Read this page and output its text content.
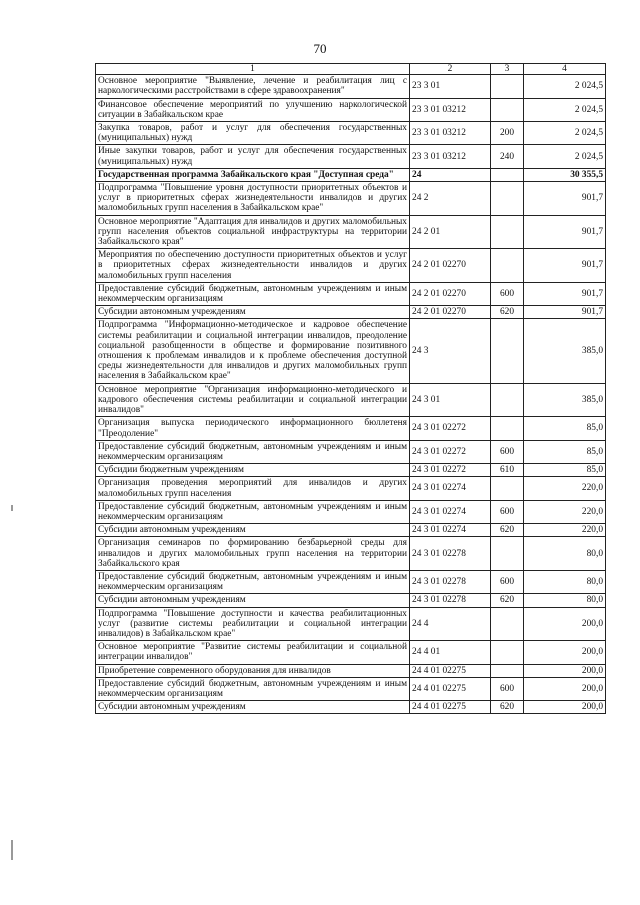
70
1	2	3	4
Основное мероприятие "Выявление, лечение и реабилитация лиц с наркологическими расстройствами в сфере здравоохранения"	23 3 01		2 024,5
Финансовое обеспечение мероприятий по улучшению наркологической ситуации в Забайкальском крае	23 3 01 03212		2 024,5
Закупка товаров, работ и услуг для обеспечения государственных (муниципальных) нужд	23 3 01 03212	200	2 024,5
Иные закупки товаров, работ и услуг для обеспечения государственных (муниципальных) нужд	23 3 01 03212	240	2 024,5
Государственная программа Забайкальского края "Доступная среда"	24		30 355,5
Подпрограмма "Повышение уровня доступности приоритетных объектов и услуг в приоритетных сферах жизнедеятельности инвалидов и других маломобильных групп населения в Забайкальском крае"	24 2		901,7
Основное мероприятие "Адаптация для инвалидов и других маломобильных групп населения объектов социальной инфраструктуры на территории Забайкальского края"	24 2 01		901,7
Мероприятия по обеспечению доступности приоритетных объектов и услуг в приоритетных сферах жизнедеятельности инвалидов и других маломобильных групп населения	24 2 01 02270		901,7
Предоставление субсидий бюджетным, автономным учреждениям и иным некоммерческим организациям	24 2 01 02270	600	901,7
Субсидии автономным учреждениям	24 2 01 02270	620	901,7
Подпрограмма "Информационно-методическое и кадровое обеспечение системы реабилитации и социальной интеграции инвалидов, преодоление социальной разобщенности в обществе и формирование позитивного отношения к проблемам инвалидов и к проблеме обеспечения доступной среды жизнедеятельности для инвалидов и других маломобильных групп населения в Забайкальском крае"	24 3		385,0
Основное мероприятие "Организация информационно-методического и кадрового обеспечения системы реабилитации и социальной интеграции инвалидов"	24 3 01		385,0
Организация выпуска периодического информационного бюллетеня "Преодоление"	24 3 01 02272		85,0
Предоставление субсидий бюджетным, автономным учреждениям и иным некоммерческим организациям	24 3 01 02272	600	85,0
Субсидии бюджетным учреждениям	24 3 01 02272	610	85,0
Организация проведения мероприятий для инвалидов и других маломобильных групп населения	24 3 01 02274		220,0
Предоставление субсидий бюджетным, автономным учреждениям и иным некоммерческим организациям	24 3 01 02274	600	220,0
Субсидии автономным учреждениям	24 3 01 02274	620	220,0
Организация семинаров по формированию безбарьерной среды для инвалидов и других маломобильных групп населения на территории Забайкальского края	24 3 01 02278		80,0
Предоставление субсидий бюджетным, автономным учреждениям и иным некоммерческим организациям	24 3 01 02278	600	80,0
Субсидии автономным учреждениям	24 3 01 02278	620	80,0
Подпрограмма "Повышение доступности и качества реабилитационных услуг (развитие системы реабилитации и социальной интеграции инвалидов) в Забайкальском крае"	24 4		200,0
Основное мероприятие "Развитие системы реабилитации и социальной интеграции инвалидов"	24 4 01		200,0
Приобретение современного оборудования для инвалидов	24 4 01 02275		200,0
Предоставление субсидий бюджетным, автономным учреждениям и иным некоммерческим организациям	24 4 01 02275	600	200,0
Субсидии автономным учреждениям	24 4 01 02275	620	200,0
